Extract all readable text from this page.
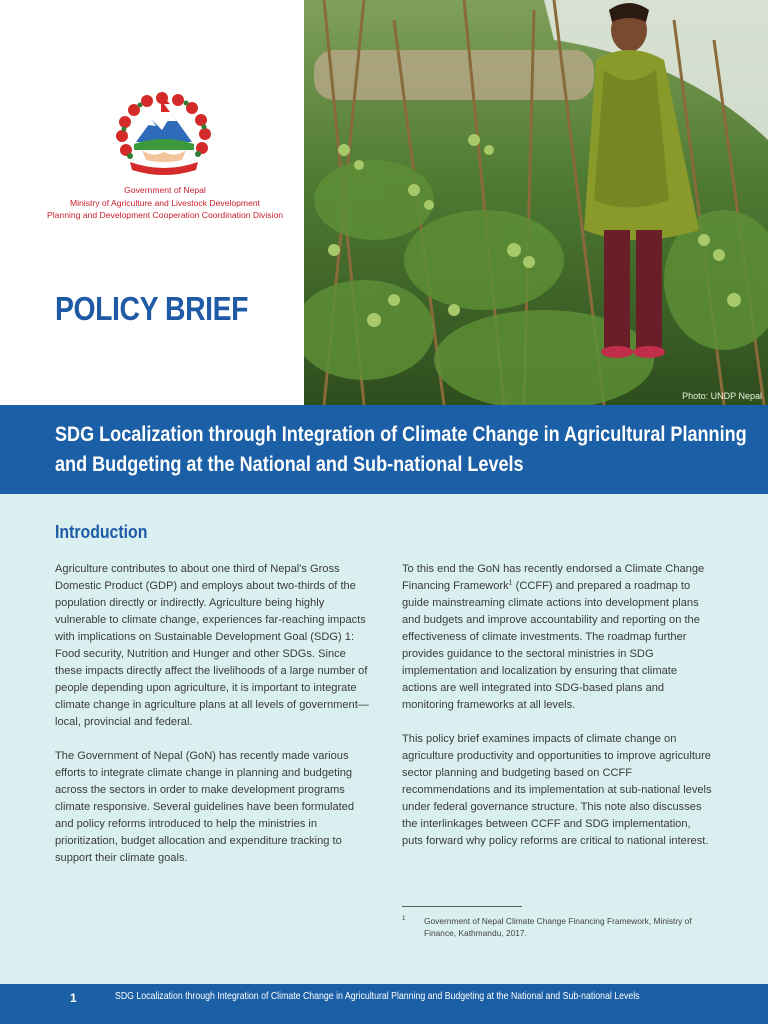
Government of Nepal
Ministry of Agriculture and Livestock Development
Planning and Development Cooperation Coordination Division
POLICY BRIEF
Photo: UNDP Nepal
SDG Localization through Integration of Climate Change in Agricultural Planning and Budgeting at the National and Sub-national Levels
Introduction

Agriculture contributes to about one third of Nepal's Gross Domestic Product (GDP) and employs about two-thirds of the population directly or indirectly. Agriculture being highly vulnerable to climate change, experiences far-reaching impacts with implications on Sustainable Development Goal (SDG) 1: Food security, Nutrition and Hunger and other SDGs. Since these impacts directly affect the livelihoods of a large number of people depending upon agriculture, it is important to integrate climate change in agriculture plans at all levels of government—local, provincial and federal.

The Government of Nepal (GoN) has recently made various efforts to integrate climate change in planning and budgeting across the sectors in order to make development programs climate responsive. Several guidelines have been formulated and policy reforms introduced to help the ministries in prioritization, budget allocation and expenditure tracking to support their climate goals.

To this end the GoN has recently endorsed a Climate Change Financing Framework$^1$ (CCFF) and prepared a roadmap to guide mainstreaming climate actions into development plans and budgets and improve accountability and reporting on the effectiveness of climate investments. The roadmap further provides guidance to the sectoral ministries in SDG implementation and localization by ensuring that climate actions are well integrated into SDG-based plans and monitoring frameworks at all levels.

This policy brief examines impacts of climate change on agriculture productivity and opportunities to improve agriculture sector planning and budgeting based on CCFF recommendations and its implementation at sub-national levels under federal governance structure. This note also discusses the interlinkages between CCFF and SDG implementation, puts forward why policy reforms are critical to national interest.

1	Government of Nepal Climate Change Financing Framework, Ministry of Finance, Kathmandu, 2017.
1	SDG Localization through Integration of Climate Change in Agricultural Planning and Budgeting at the National and Sub-national Levels
